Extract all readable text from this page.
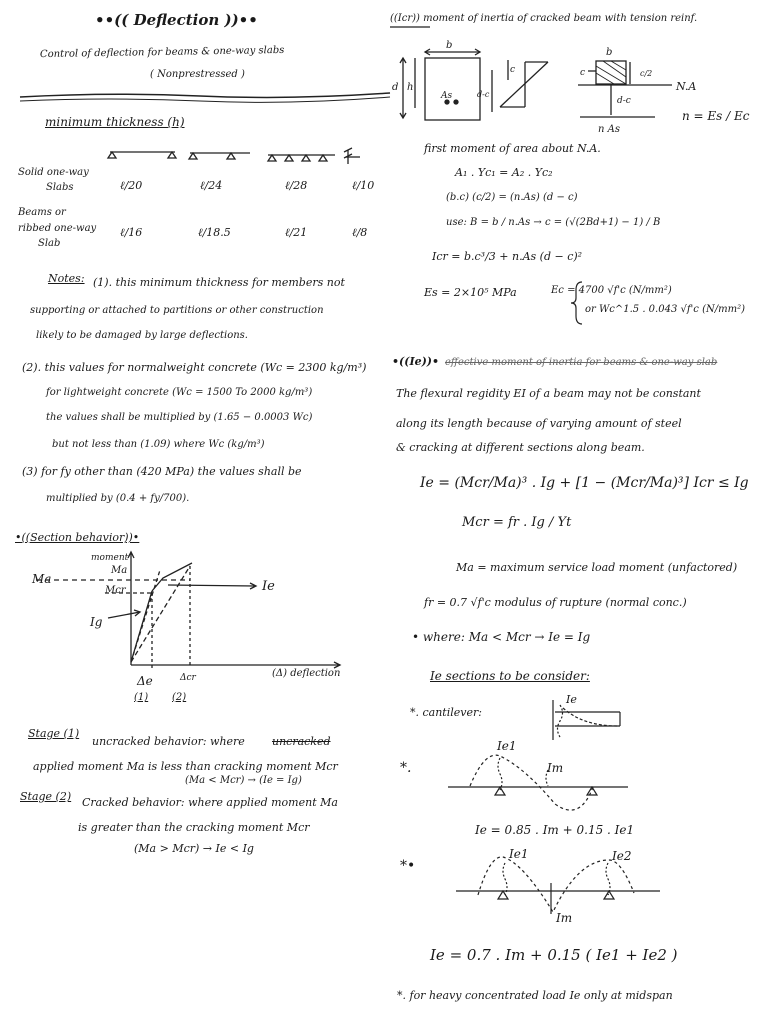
••(( Deflection ))••
Control of deflection for beams & one-way slabs
( Nonprestressed )
minimum thickness (h)
Solid one-way
Slabs	ℓ/20	ℓ/24	ℓ/28	ℓ/10
Beams or
ribbed one-way
Slab
ℓ/16	ℓ/18.5	ℓ/21	ℓ/8
Notes: (1). this minimum thickness for members not
supporting or attached to partitions or other construction
likely to be damaged by large deflections.
(2). this values for normalweight concrete (Wc = 2300 kg/m³)
for lightweight concrete (Wc = 1500 To 2000 kg/m³)
the values shall be multiplied by (1.65 − 0.0003 Wc)
but not less than (1.09) where Wc (kg/m³)
(3) for fy other than (420 MPa) the values shall be
multiplied by (0.4 + fy/700).
•((Section behavior))•
moment
Ma
Ma
Mcr	Ie
Ig
(Δ) deflection
Δe	Δcr
(1) (2)
Stage (1)
uncracked behavior: where uncracked
applied moment Ma is less than cracking moment Mcr
(Ma < Mcr) → (Ie = Ig)
Stage (2) Cracked behavior: where applied moment Ma
is greater than the cracking moment Mcr
(Ma > Mcr) → Ie < Ig
((Icr)) moment of inertia of cracked beam with tension reinf.
b
d h
As	d-c
c
b
c	c/2
N.A
d-c
n As
n = Es / Ec
first moment of area about N.A.
A₁ . Yc₁ = A₂ . Yc₂
(b.c) (c/2) = (n.As) (d − c)
use: B = b / n.As → c = (√(2Bd+1) − 1) / B
Icr = b.c³/3 + n.As (d − c)²
Es = 2×10⁵ MPa	Ec = 4700 √f'c (N/mm²)
or Wc^1.5 . 0.043 √f'c (N/mm²)
•((Ie))• effective moment of inertia for beams & one-way slab
The flexural regidity EI of a beam may not be constant
along its length because of varying amount of steel
& cracking at different sections along beam.
Ie = (Mcr/Ma)³ . Ig + [1 − (Mcr/Ma)³] Icr ≤ Ig
Mcr = fr . Ig / Yt
Ma = maximum service load moment (unfactored)
fr = 0.7 √f'c modulus of rupture (normal conc.)
• where: Ma < Mcr → Ie = Ig
Ie sections to be consider:
*. cantilever:
Ie
Ie1
Im
*.
Ie = 0.85 . Im + 0.15 . Ie1
Ie1	Ie2
Im
*•
Ie = 0.7 . Im + 0.15 ( Ie1 + Ie2 )
*. for heavy concentrated load Ie only at midspan
